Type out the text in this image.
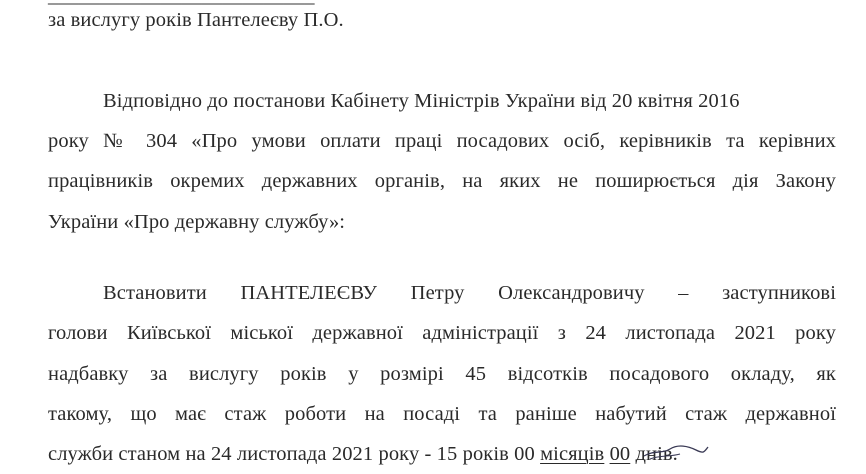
за вислугу років Пантелеєву П.О.
Відповідно до постанови Кабінету Міністрів України від 20 квітня 2016
року № 304 «Про умови оплати праці посадових осіб, керівників та керівних
працівників окремих державних органів, на яких не поширюється дія Закону
України «Про державну службу»:
Встановити ПАНТЕЛЕЄВУ Петру Олександровичу – заступникові
голови Київської міської державної адміністрації з 24 листопада 2021 року
надбавку за вислугу років у розмірі 45 відсотків посадового окладу, як
такому, що має стаж роботи на посаді та раніше набутий стаж державної
служби станом на 24 листопада 2021 року - 15 років 00 місяців 00 днів.
